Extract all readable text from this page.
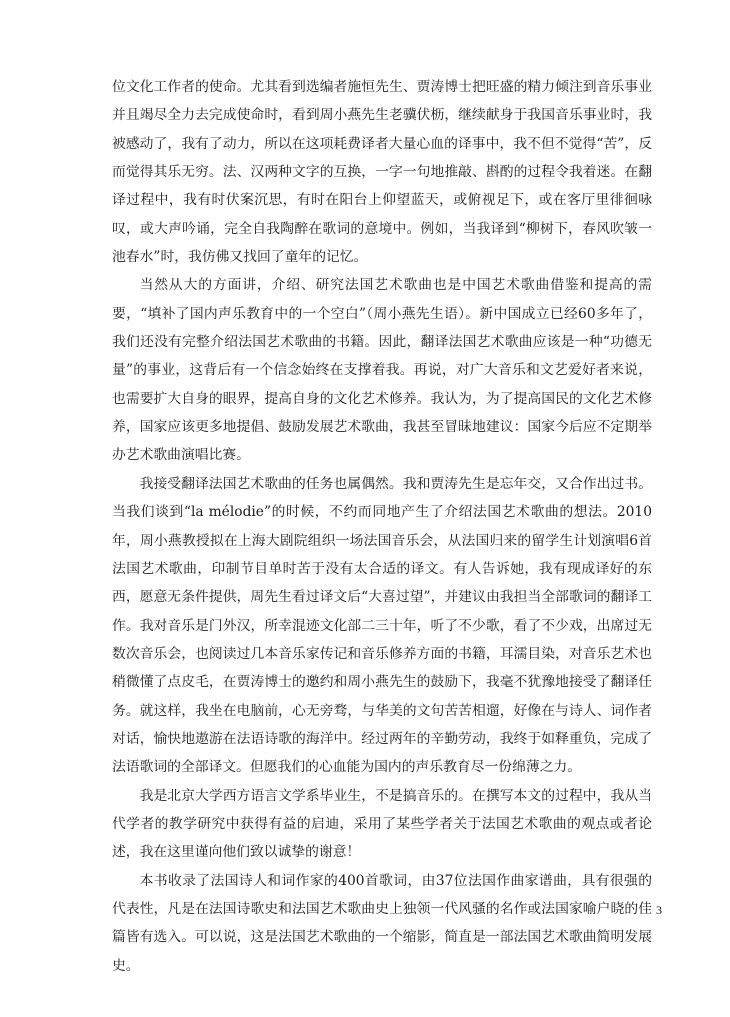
位文化工作者的使命。尤其看到选编者施恒先生、贾涛博士把旺盛的精力倾注到音乐事业并且竭尽全力去完成使命时，看到周小燕先生老骥伏枥，继续献身于我国音乐事业时，我被感动了，我有了动力，所以在这项耗费译者大量心血的译事中，我不但不觉得“苦”，反而觉得其乐无穷。法、汉两种文字的互换，一字一句地推敲、斟酌的过程令我着迷。在翻译过程中，我有时伏案沉思，有时在阳台上仰望蓝天，或俯视足下，或在客厅里徘徊咏叹，或大声吟诵，完全自我陶醉在歌词的意境中。例如，当我译到“柳树下，春风吹皱一池春水”时，我仿佛又找回了童年的记忆。

当然从大的方面讲，介绍、研究法国艺术歌曲也是中国艺术歌曲借鉴和提高的需要，“填补了国内声乐教育中的一个空白”（周小燕先生语）。新中国成立已经60多年了，我们还没有完整介绍法国艺术歌曲的书籍。因此，翻译法国艺术歌曲应该是一种“功德无量”的事业，这背后有一个信念始终在支撑着我。再说，对广大音乐和文艺爱好者来说，也需要扩大自身的眼界，提高自身的文化艺术修养。我认为，为了提高国民的文化艺术修养，国家应该更多地提倡、鼓励发展艺术歌曲，我甚至冒昧地建议：国家今后应不定期举办艺术歌曲演唱比赛。

我接受翻译法国艺术歌曲的任务也属偶然。我和贾涛先生是忘年交，又合作出过书。当我们谈到“la mélodie”的时候，不约而同地产生了介绍法国艺术歌曲的想法。2010年，周小燕教授拟在上海大剧院组织一场法国音乐会，从法国归来的留学生计划演唱6首法国艺术歌曲，印制节目单时苦于没有太合适的译文。有人告诉她，我有现成译好的东西，愿意无条件提供，周先生看过译文后“大喜过望”，并建议由我担当全部歌词的翻译工作。我对音乐是门外汉，所幸混迹文化部二三十年，听了不少歌，看了不少戏，出席过无数次音乐会，也阅读过几本音乐家传记和音乐修养方面的书籍，耳濡目染，对音乐艺术也稍微懂了点皮毛，在贾涛博士的邀约和周小燕先生的鼓励下，我毫不犹豫地接受了翻译任务。就这样，我坐在电脑前，心无旁骛，与华美的文句苦苦相遛，好像在与诗人、词作者对话，愉快地遨游在法语诗歌的海洋中。经过两年的辛勤劳动，我终于如释重负，完成了法语歌词的全部译文。但愿我们的心血能为国内的声乐教育尽一份绵薄之力。

我是北京大学西方语言文学系毕业生，不是搞音乐的。在撰写本文的过程中，我从当代学者的教学研究中获得有益的启迪，采用了某些学者关于法国艺术歌曲的观点或者论述，我在这里谨向他们致以诚挚的谢意！

本书收录了法国诗人和词作家的400首歌词，由37位法国作曲家谱曲，具有很强的代表性，凡是在法国诗歌史和法国艺术歌曲史上独领一代风骚的名作或法国家喻户晓的佳篇皆有选入。可以说，这是法国艺术歌曲的一个缩影，简直是一部法国艺术歌曲简明发展史。

3
